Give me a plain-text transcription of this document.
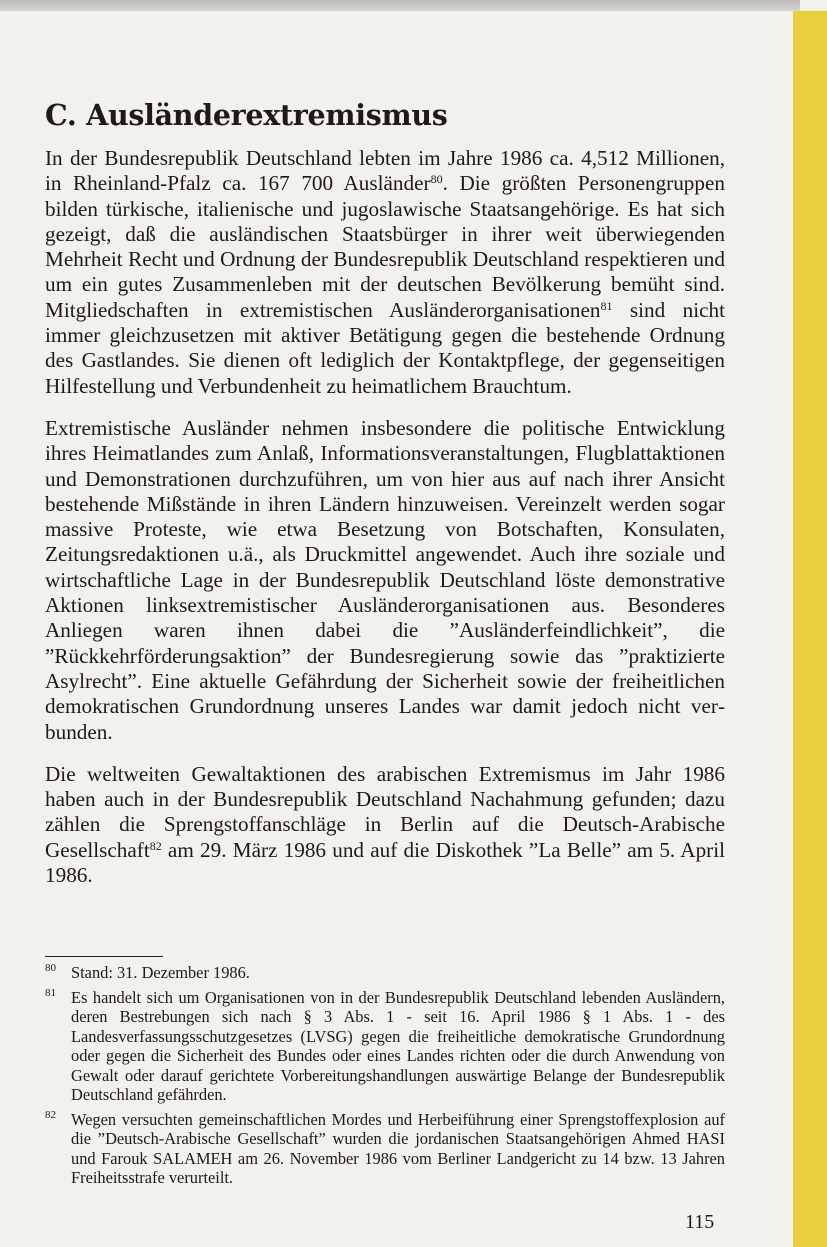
C. Ausländerextremismus

In der Bundesrepublik Deutschland lebten im Jahre 1986 ca. 4,512 Millionen, in Rheinland-Pfalz ca. 167 700 Ausländer$^{80}$. Die größten Personengruppen bilden türkische, italienische und jugoslawische Staatsangehörige. Es hat sich gezeigt, daß die ausländischen Staatsbürger in ihrer weit überwiegenden Mehrheit Recht und Ordnung der Bundesrepublik Deutschland respektieren und um ein gutes Zusammenleben mit der deutschen Bevölkerung bemüht sind. Mitgliedschaften in extremistischen Ausländerorganisationen$^{81}$ sind nicht immer gleichzusetzen mit aktiver Betätigung gegen die bestehende Ordnung des Gastlandes. Sie dienen oft lediglich der Kontaktpflege, der gegenseitigen Hilfestellung und Verbundenheit zu heimatlichem Brauchtum.

Extremistische Ausländer nehmen insbesondere die politische Entwicklung ihres Heimatlandes zum Anlaß, Informationsveranstaltungen, Flugblattaktionen und Demonstrationen durchzuführen, um von hier aus auf nach ihrer Ansicht bestehende Mißstände in ihren Ländern hinzuweisen. Vereinzelt werden sogar massive Proteste, wie etwa Besetzung von Botschaften, Konsulaten, Zeitungsredaktionen u.ä., als Druckmittel angewendet. Auch ihre soziale und wirtschaftliche Lage in der Bundesrepublik Deutschland löste demonstrative Aktionen linksextremistischer Ausländerorganisationen aus. Besonderes Anliegen waren ihnen dabei die ”Ausländerfeindlichkeit”, die ”Rückkehrförderungsaktion” der Bundesregierung sowie das ”praktizierte Asylrecht”. Eine aktuelle Gefährdung der Sicherheit sowie der freiheitlichen demokratischen Grundordnung unseres Landes war damit jedoch nicht verbunden.

Die weltweiten Gewaltaktionen des arabischen Extremismus im Jahr 1986 haben auch in der Bundesrepublik Deutschland Nachahmung gefunden; dazu zählen die Sprengstoffanschläge in Berlin auf die Deutsch-Arabische Gesellschaft$^{82}$ am 29. März 1986 und auf die Diskothek ”La Belle” am 5. April 1986.

80 Stand: 31. Dezember 1986.
81 Es handelt sich um Organisationen von in der Bundesrepublik Deutschland lebenden Ausländern, deren Bestrebungen sich nach § 3 Abs. 1 - seit 16. April 1986 § 1 Abs. 1 - des Landesverfassungsschutzgesetzes (LVSG) gegen die freiheitliche demokratische Grundordnung oder gegen die Sicherheit des Bundes oder eines Landes richten oder die durch Anwendung von Gewalt oder darauf gerichtete Vorbereitungshandlungen auswärtige Belange der Bundesrepublik Deutschland gefährden.
82 Wegen versuchten gemeinschaftlichen Mordes und Herbeiführung einer Sprengstoffexplosion auf die ”Deutsch-Arabische Gesellschaft” wurden die jordanischen Staatsangehörigen Ahmed HASI und Farouk SALAMEH am 26. November 1986 vom Berliner Landgericht zu 14 bzw. 13 Jahren Freiheitsstrafe verurteilt.
115
